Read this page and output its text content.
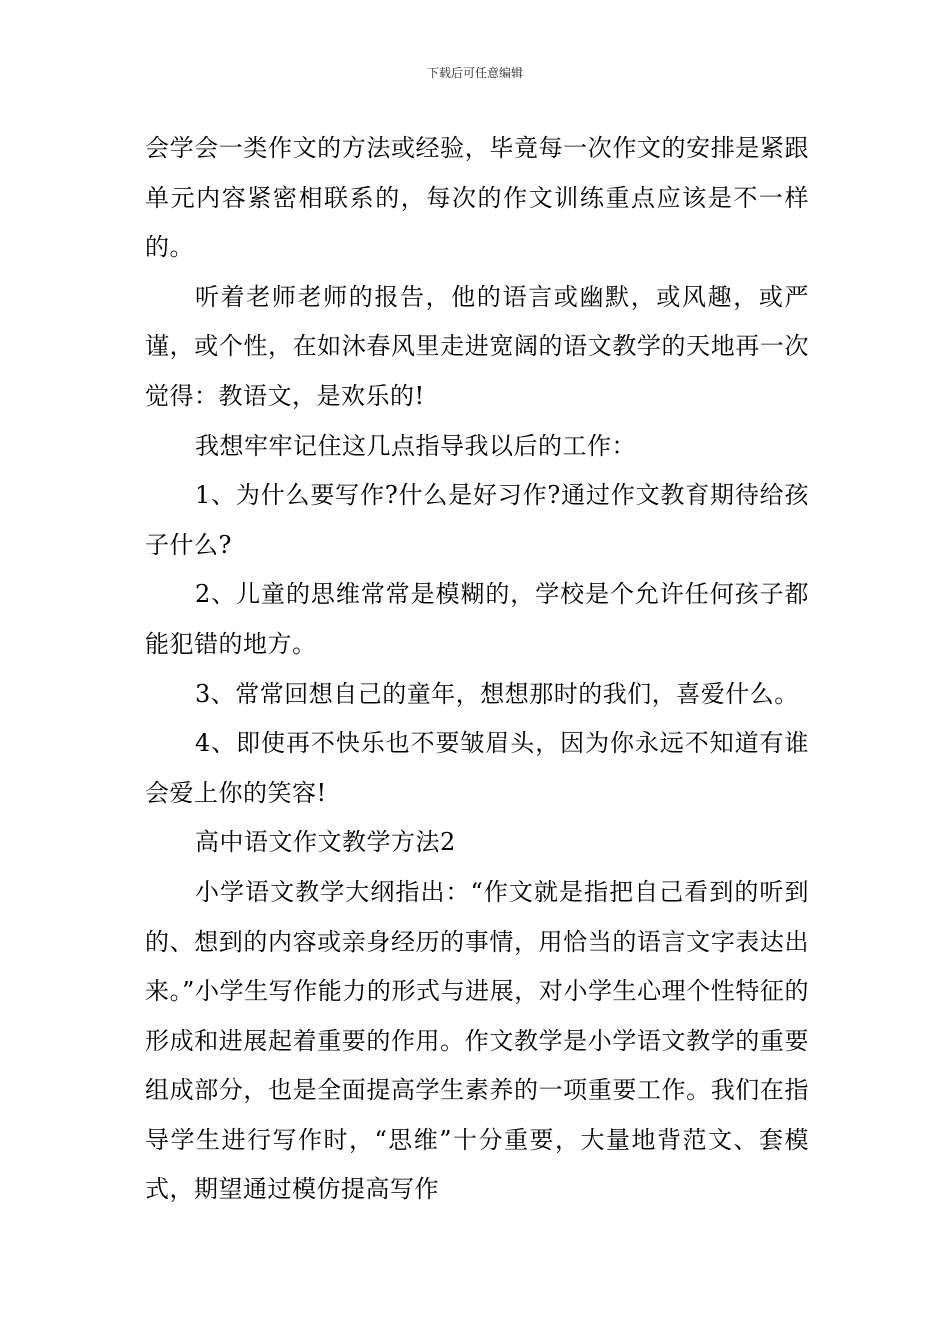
下载后可任意编辑

会学会一类作文的方法或经验，毕竟每一次作文的安排是紧跟单元内容紧密相联系的，每次的作文训练重点应该是不一样的。

听着老师老师的报告，他的语言或幽默，或风趣，或严谨，或个性，在如沐春风里走进宽阔的语文教学的天地再一次觉得：教语文，是欢乐的!

我想牢牢记住这几点指导我以后的工作：

1、为什么要写作?什么是好习作?通过作文教育期待给孩子什么?

2、儿童的思维常常是模糊的，学校是个允许任何孩子都能犯错的地方。

3、常常回想自己的童年，想想那时的我们，喜爱什么。

4、即使再不快乐也不要皱眉头，因为你永远不知道有谁会爱上你的笑容!

高中语文作文教学方法2

小学语文教学大纲指出：“作文就是指把自己看到的听到的、想到的内容或亲身经历的事情，用恰当的语言文字表达出来。”小学生写作能力的形式与进展，对小学生心理个性特征的形成和进展起着重要的作用。作文教学是小学语文教学的重要组成部分，也是全面提高学生素养的一项重要工作。我们在指导学生进行写作时，“思维”十分重要，大量地背范文、套模式，期望通过模仿提高写作
